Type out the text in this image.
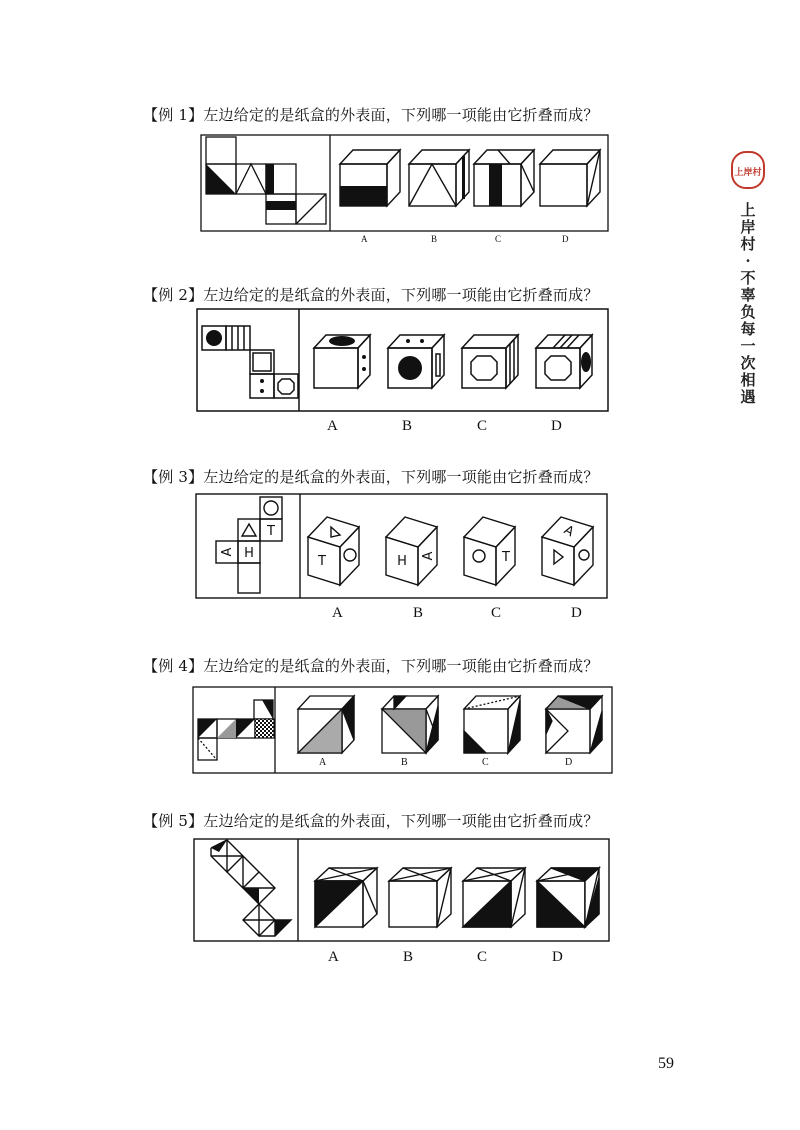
上岸村
上
岸
村
·
不
辜
负
每
一
次
相
遇
【例 1】左边给定的是纸盒的外表面，下列哪一项能由它折叠而成？
A	B	C	D
【例 2】左边给定的是纸盒的外表面，下列哪一项能由它折叠而成？
A	B	C	D
【例 3】左边给定的是纸盒的外表面，下列哪一项能由它折叠而成？
T
H
A
T	H A	T
A
A	B	C	D
【例 4】左边给定的是纸盒的外表面，下列哪一项能由它折叠而成？
A	B	C	D
【例 5】左边给定的是纸盒的外表面，下列哪一项能由它折叠而成？
A	B	C	D
59
